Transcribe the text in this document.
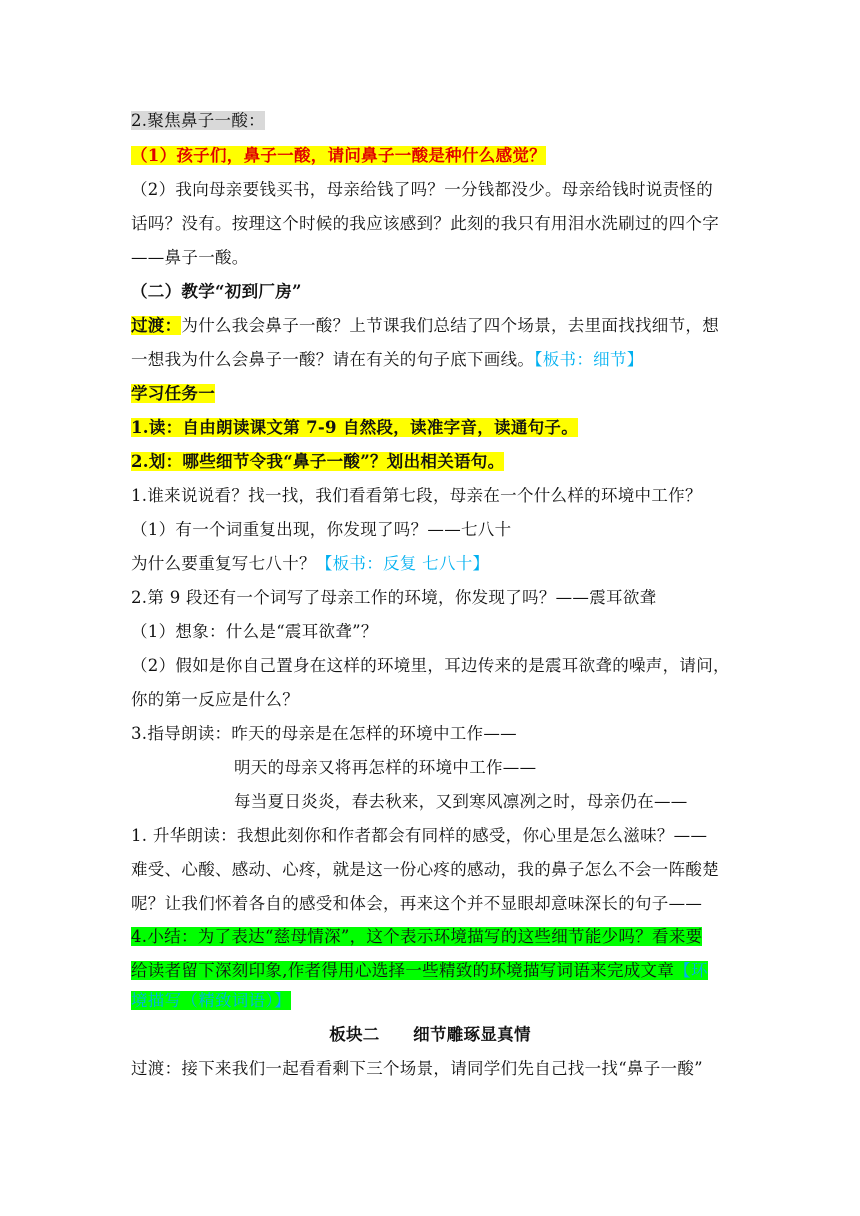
2.聚焦鼻子一酸：
（1）孩子们，鼻子一酸，请问鼻子一酸是种什么感觉？
（2）我向母亲要钱买书，母亲给钱了吗？一分钱都没少。母亲给钱时说责怪的
话吗？没有。按理这个时候的我应该感到？此刻的我只有用泪水洗刷过的四个字
——鼻子一酸。
（二）教学“初到厂房”
过渡：为什么我会鼻子一酸？上节课我们总结了四个场景，去里面找找细节，想
一想我为什么会鼻子一酸？请在有关的句子底下画线。【板书：细节】
学习任务一
1.读：自由朗读课文第 7-9 自然段，读准字音，读通句子。
2.划：哪些细节令我“鼻子一酸”？划出相关语句。
1.谁来说说看？找一找，我们看看第七段，母亲在一个什么样的环境中工作？
（1）有一个词重复出现，你发现了吗？——七八十
为什么要重复写七八十？【板书：反复 七八十】
2.第 9 段还有一个词写了母亲工作的环境，你发现了吗？——震耳欲聋
（1）想象：什么是“震耳欲聋”？
（2）假如是你自己置身在这样的环境里，耳边传来的是震耳欲聋的噪声，请问，
你的第一反应是什么？
3.指导朗读：昨天的母亲是在怎样的环境中工作——
明天的母亲又将再怎样的环境中工作——
每当夏日炎炎，春去秋来，又到寒风凛冽之时，母亲仍在——
1. 升华朗读：我想此刻你和作者都会有同样的感受，你心里是怎么滋味？——
难受、心酸、感动、心疼，就是这一份心疼的感动，我的鼻子怎么不会一阵酸楚
呢？让我们怀着各自的感受和体会，再来这个并不显眼却意味深长的句子——
4.小结：为了表达“慈母情深”，这个表示环境描写的这些细节能少吗？看来要
给读者留下深刻印象,作者得用心选择一些精致的环境描写词语来完成文章【环
境描写（精致词语）】
板块二　　细节雕琢显真情
过渡：接下来我们一起看看剩下三个场景，请同学们先自己找一找“鼻子一酸”
